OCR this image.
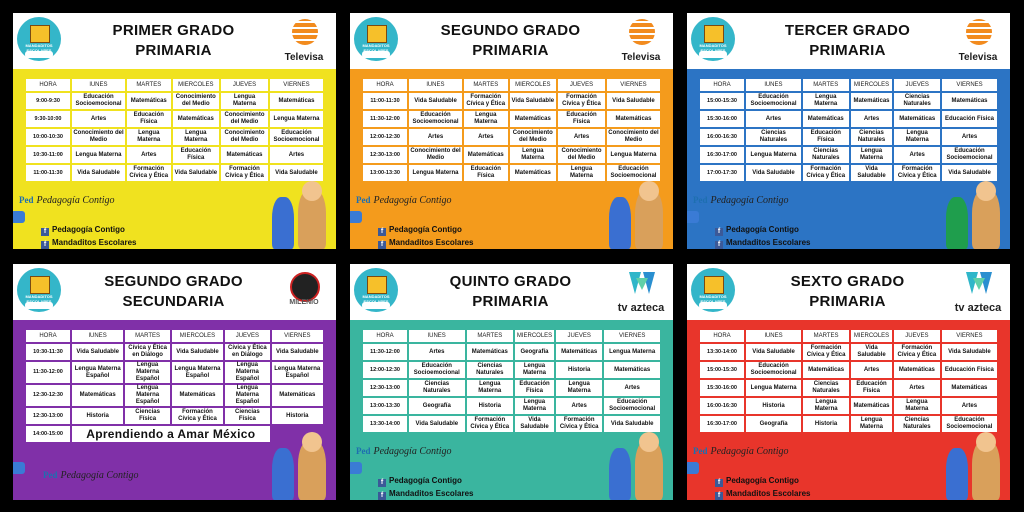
MANDADITOS
PRIMER GRADO
PRIMARIA	Televisa
HORA	lUNES	MARTES	MIERCOLES	JUEVES	VIERNES
9:00-9:30	Educación Socioemocional	Matemáticas	Conocimiento del Medio	Lengua Materna	Matemáticas
9:30-10:00	Artes	Educación Física	Matemáticas	Conocimiento del Medio	Lengua Materna
10:00-10:30	Conocimiento del Medio	Lengua Materna	Lengua Materna	Conocimiento del Medio	Educación Socioemocional
10:30-11:00	Lengua Materna	Artes	Educación Física	Matemáticas	Artes
11:00-11:30	Vida Saludable	Formación Cívica y Ética	Vida Saludable	Formación Cívica y Ética	Vida Saludable
Ped Pedagogía Contigo
f Pedagogía Contigo
f Mandaditos Escolares
MANDADITOS
SEGUNDO GRADO
PRIMARIA	Televisa
HORA	lUNES	MARTES	MIERCOLES	JUEVES	VIERNES
11:00-11:30	Vida Saludable	Formación Cívica y Ética	Vida Saludable	Formación Cívica y Ética	Vida Saludable
11:30-12:00	Educación Socioemocional	Lengua Materna	Matemáticas	Educación Física	Matemáticas
12:00-12:30	Artes	Artes	Conocimiento del Medio	Artes	Conocimiento del Medio
12:30-13:00	Conocimiento del Medio	Matemáticas	Lengua Materna	Conocimiento del Medio	Lengua Materna
13:00-13:30	Lengua Materna	Educación Física	Matemáticas	Lengua Materna	Educación Socioemocional
Ped Pedagogía Contigo
f Pedagogía Contigo
f Mandaditos Escolares
MANDADITOS
TERCER GRADO
PRIMARIA	Televisa
HORA	lUNES	MARTES	MIERCOLES	JUEVES	VIERNES
15:00-15:30	Educación Socioemocional	Lengua Materna	Matemáticas	Ciencias Naturales	Matemáticas
15:30-16:00	Artes	Matemáticas	Artes	Matemáticas	Educación Física
16:00-16:30	Ciencias Naturales	Educación Física	Ciencias Naturales	Lengua Materna	Artes
16:30-17:00	Lengua Materna	Ciencias Naturales	Lengua Materna	Artes	Educación Socioemocional
17:00-17:30	Vida Saludable	Formación Cívica y Ética	Vida Saludable	Formación Cívica y Ética	Vida Saludable
Ped Pedagogía Contigo
f Pedagogía Contigo
f Mandaditos Escolares
MANDADITOS
SEGUNDO GRADO
SECUNDARIA	MILENIO
HORA	lUNES	MARTES	MIERCOLES	JUEVES	VIERNES
10:30-11:30	Vida Saludable	Cívica y Ética en Diálogo	Vida Saludable	Cívica y Ética en Diálogo	Vida Saludable
11:30-12:00	Lengua Materna Español	Lengua Materna Español	Lengua Materna Español	Lengua Materna Español	Lengua Materna Español
12:30-12:30	Matemáticas	Lengua Materna Español	Matemáticas	Lengua Materna Español	Matemáticas
12:30-13:00	Historia	Ciencias Física	Formación Cívica y Ética	Ciencias Física	Historia
14:00-15:00	Aprendiendo a Amar México				
Ped Pedagogía Contigo
MANDADITOS
QUINTO GRADO
PRIMARIA	tv azteca
HORA	lUNES	MARTES	MIERCOLES	JUEVES	VIERNES
11:30-12:00	Artes	Matemáticas	Geografía	Matemáticas	Lengua Materna
12:00-12:30	Educación Socioemocional	Ciencias Naturales	Lengua Materna	Historia	Matemáticas
12:30-13:00	Ciencias Naturales	Lengua Materna	Educación Física	Lengua Materna	Artes
13:00-13:30	Geografía	Historia	Lengua Materna	Artes	Educación Socioemocional
13:30-14:00	Vida Saludable	Formación Cívica y Ética	Vida Saludable	Formación Cívica y Ética	Vida Saludable
Ped Pedagogía Contigo
f Pedagogía Contigo
f Mandaditos Escolares
MANDADITOS
SEXTO GRADO
PRIMARIA	tv azteca
HORA	lUNES	MARTES	MIERCOLES	JUEVES	VIERNES
13:30-14:00	Vida Saludable	Formación Cívica y Ética	Vida Saludable	Formación Cívica y Ética	Vida Saludable
15:00-15:30	Educación Socioemocional	Matemáticas	Artes	Matemáticas	Educación Física
15:30-16:00	Lengua Materna	Ciencias Naturales	Educación Física	Artes	Matemáticas
16:00-16:30	Historia	Lengua Materna	Matemáticas	Lengua Materna	Artes
16:30-17:00	Geografía	Historia	Lengua Materna	Ciencias Naturales	Educación Socioemocional
Ped Pedagogía Contigo
f Pedagogía Contigo
f Mandaditos Escolares
